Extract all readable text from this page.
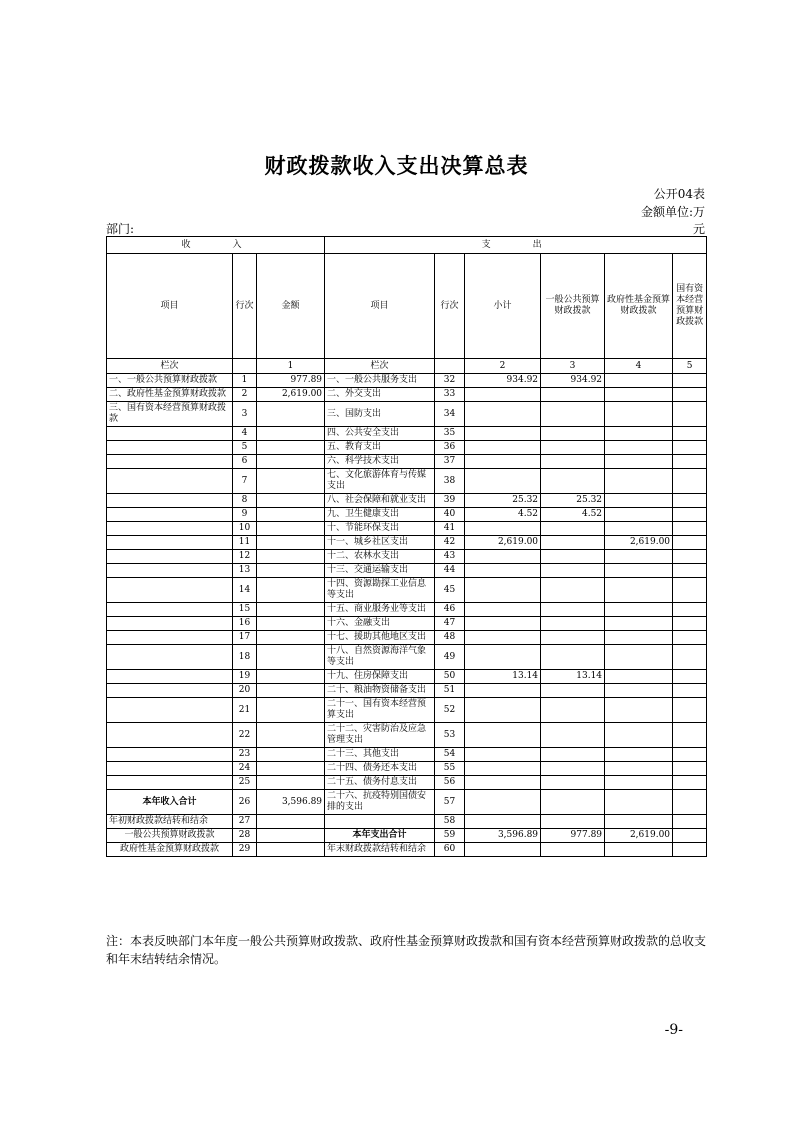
财政拨款收入支出决算总表
公开04表
金额单位:万
元
部门:
收　　入			支　　出					
项目	行次	金额	项目	行次	小计	一般公共预算财政拨款	政府性基金预算财政拨款	国有资本经营预算财政拨款
栏次		1	栏次		2	3	4	5
一、一般公共预算财政拨款	1	977.89	一、一般公共服务支出	32	934.92	934.92		
二、政府性基金预算财政拨款	2	2,619.00	二、外交支出	33				
三、国有资本经营预算财政拨款	3		三、国防支出	34				
	4		四、公共安全支出	35				
	5		五、教育支出	36				
	6		六、科学技术支出	37				
	7		七、文化旅游体育与传媒支出	38				
	8		八、社会保障和就业支出	39	25.32	25.32		
	9		九、卫生健康支出	40	4.52	4.52		
	10		十、节能环保支出	41				
	11		十一、城乡社区支出	42	2,619.00		2,619.00	
	12		十二、农林水支出	43				
	13		十三、交通运输支出	44				
	14		十四、资源勘探工业信息等支出	45				
	15		十五、商业服务业等支出	46				
	16		十六、金融支出	47				
	17		十七、援助其他地区支出	48				
	18		十八、自然资源海洋气象等支出	49				
	19		十九、住房保障支出	50	13.14	13.14		
	20		二十、粮油物资储备支出	51				
	21		二十一、国有资本经营预算支出	52				
	22		二十二、灾害防治及应急管理支出	53				
	23		二十三、其他支出	54				
	24		二十四、债务还本支出	55				
	25		二十五、债务付息支出	56				
本年收入合计	26	3,596.89	二十六、抗疫特别国债安排的支出	57				
年初财政拨款结转和结余	27			58				
一般公共预算财政拨款	28		本年支出合计	59	3,596.89	977.89	2,619.00	
政府性基金预算财政拨款	29		年末财政拨款结转和结余	60				
注：本表反映部门本年度一般公共预算财政拨款、政府性基金预算财政拨款和国有资本经营预算财政拨款的总收支和年末结转结余情况。
-9-
